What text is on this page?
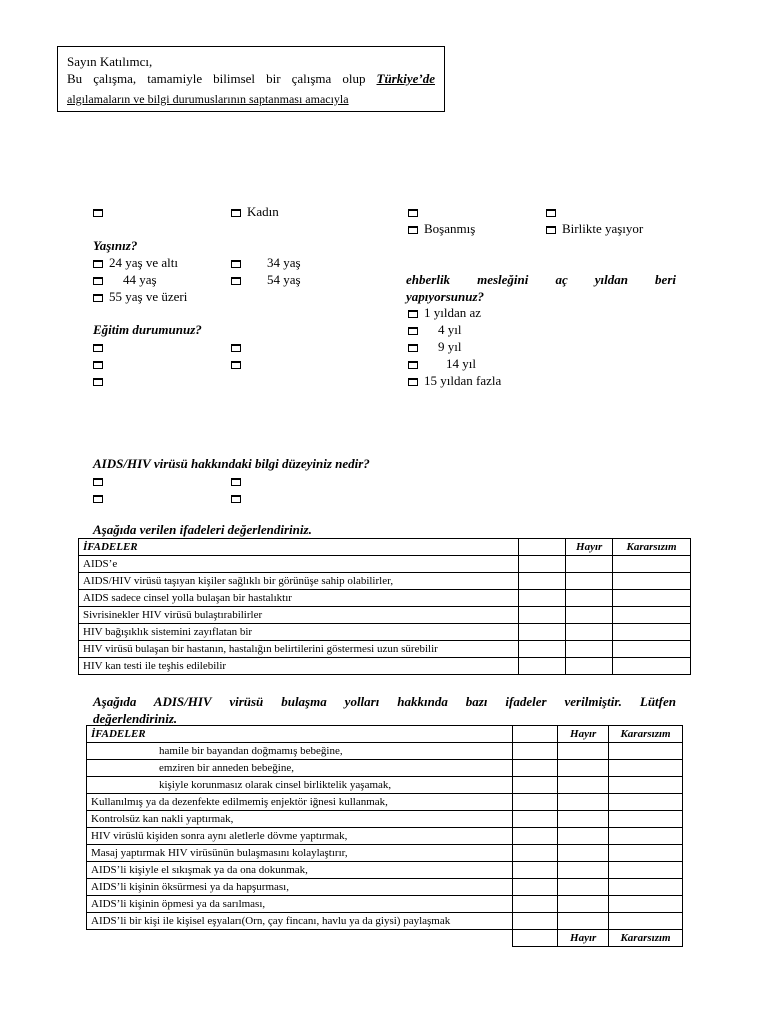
Sayın Katılımcı,
Bu çalışma, tamamiyle bilimsel bir çalışma olup Türkiye’de
algılamaların ve bilgi durumuslarının saptanması amacıyla
Kadın
Boşanmış	Birlikte yaşıyor
Yaşınız?
24 yaş ve altı	34 yaş
44 yaş	54 yaş
55 yaş ve üzeri
ehberlik mesleğini aç yıldan beri
yapıyorsunuz?
1 yıldan az
4 yıl
9 yıl
14 yıl
15 yıldan fazla
Eğitim durumunuz?
AIDS/HIV virüsü hakkındaki bilgi düzeyiniz nedir?
Aşağıda verilen ifadeleri değerlendiriniz.
İFADELER		Hayır	Kararsızım
AIDS’e			
AIDS/HIV virüsü taşıyan kişiler sağlıklı bir görünüşe sahip olabilirler,			
AIDS sadece cinsel yolla bulaşan bir hastalıktır			
Sivrisinekler HIV virüsü bulaştırabilirler			
HIV bağışıklık sistemini zayıflatan bir			
HIV virüsü bulaşan bir hastanın, hastalığın belirtilerini göstermesi uzun sürebilir			
HIV kan testi ile teşhis edilebilir			
Aşağıda ADIS/HIV virüsü bulaşma yolları hakkında bazı ifadeler verilmiştir. Lütfen
değerlendiriniz.
İFADELER		Hayır	Kararsızım
hamile bir bayandan doğmamış bebeğine,			
emziren bir anneden bebeğine,			
kişiyle korunmasız olarak cinsel birliktelik yaşamak,			
Kullanılmış ya da dezenfekte edilmemiş enjektör iğnesi kullanmak,			
Kontrolsüz kan nakli yaptırmak,			
HIV virüslü kişiden sonra aynı aletlerle dövme yaptırmak,			
Masaj yaptırmak HIV virüsünün bulaşmasını kolaylaştırır,			
AIDS’li kişiyle el sıkışmak ya da ona dokunmak,			
AIDS’li kişinin öksürmesi ya da hapşurması,			
AIDS’li kişinin öpmesi ya da sarılması,			
AIDS’li bir kişi ile kişisel eşyaları(Orn, çay fincanı, havlu ya da giysi) paylaşmak			
		Hayır	Kararsızım
